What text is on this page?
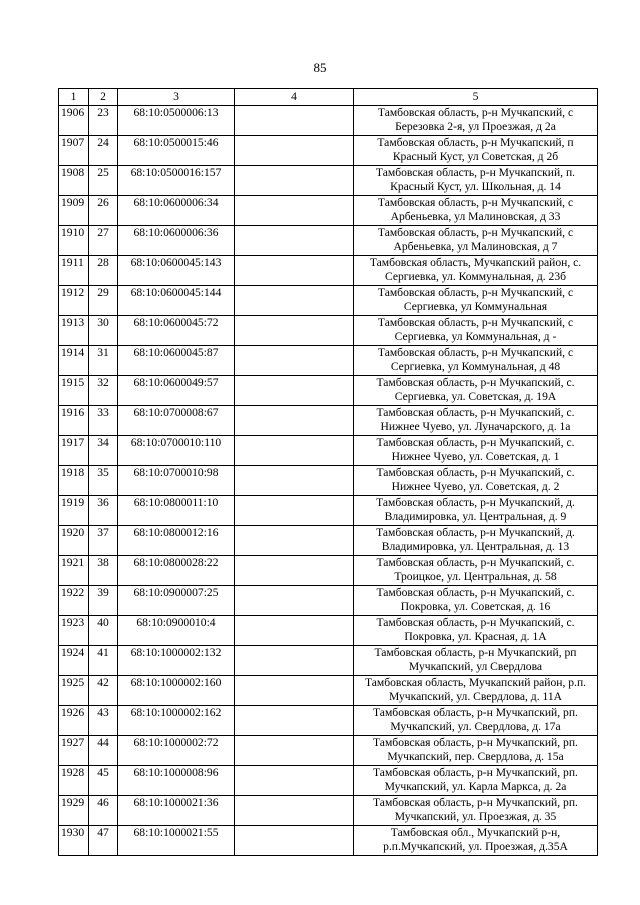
85
1	2	3	4	5
1906	23	68:10:0500006:13		Тамбовская область, р-н Мучкапский, с Березовка 2-я, ул Проезжая, д 2а
1907	24	68:10:0500015:46		Тамбовская область, р-н Мучкапский, п Красный Куст, ул Советская, д 2б
1908	25	68:10:0500016:157		Тамбовская область, р-н Мучкапский, п. Красный Куст, ул. Школьная, д. 14
1909	26	68:10:0600006:34		Тамбовская область, р-н Мучкапский, с Арбеньевка, ул Малиновская, д 33
1910	27	68:10:0600006:36		Тамбовская область, р-н Мучкапский, с Арбеньевка, ул Малиновская, д 7
1911	28	68:10:0600045:143		Тамбовская область, Мучкапский район, с. Сергиевка, ул. Коммунальная, д. 23б
1912	29	68:10:0600045:144		Тамбовская область, р-н Мучкапский, с Сергиевка, ул Коммунальная
1913	30	68:10:0600045:72		Тамбовская область, р-н Мучкапский, с Сергиевка, ул Коммунальная, д -
1914	31	68:10:0600045:87		Тамбовская область, р-н Мучкапский, с Сергиевка, ул Коммунальная, д 48
1915	32	68:10:0600049:57		Тамбовская область, р-н Мучкапский, с. Сергиевка, ул. Советская, д. 19А
1916	33	68:10:0700008:67		Тамбовская область, р-н Мучкапский, с. Нижнее Чуево, ул. Луначарского, д. 1а
1917	34	68:10:0700010:110		Тамбовская область, р-н Мучкапский, с. Нижнее Чуево, ул. Советская, д. 1
1918	35	68:10:0700010:98		Тамбовская область, р-н Мучкапский, с. Нижнее Чуево, ул. Советская, д. 2
1919	36	68:10:0800011:10		Тамбовская область, р-н Мучкапский, д. Владимировка, ул. Центральная, д. 9
1920	37	68:10:0800012:16		Тамбовская область, р-н Мучкапский, д. Владимировка, ул. Центральная, д. 13
1921	38	68:10:0800028:22		Тамбовская область, р-н Мучкапский, с. Троицкое, ул. Центральная, д. 58
1922	39	68:10:0900007:25		Тамбовская область, р-н Мучкапский, с. Покровка, ул. Советская, д. 16
1923	40	68:10:0900010:4		Тамбовская область, р-н Мучкапский, с. Покровка, ул. Красная, д. 1А
1924	41	68:10:1000002:132		Тамбовская область, р-н Мучкапский, рп Мучкапский, ул Свердлова
1925	42	68:10:1000002:160		Тамбовская область, Мучкапский район, р.п. Мучкапский, ул. Свердлова, д. 11А
1926	43	68:10:1000002:162		Тамбовская область, р-н Мучкапский, рп. Мучкапский, ул. Свердлова, д. 17а
1927	44	68:10:1000002:72		Тамбовская область, р-н Мучкапский, рп. Мучкапский, пер. Свердлова, д. 15а
1928	45	68:10:1000008:96		Тамбовская область, р-н Мучкапский, рп. Мучкапский, ул. Карла Маркса, д. 2а
1929	46	68:10:1000021:36		Тамбовская область, р-н Мучкапский, рп. Мучкапский, ул. Проезжая, д. 35
1930	47	68:10:1000021:55		Тамбовская обл., Мучкапский р-н, р.п.Мучкапский, ул. Проезжая, д.35А
